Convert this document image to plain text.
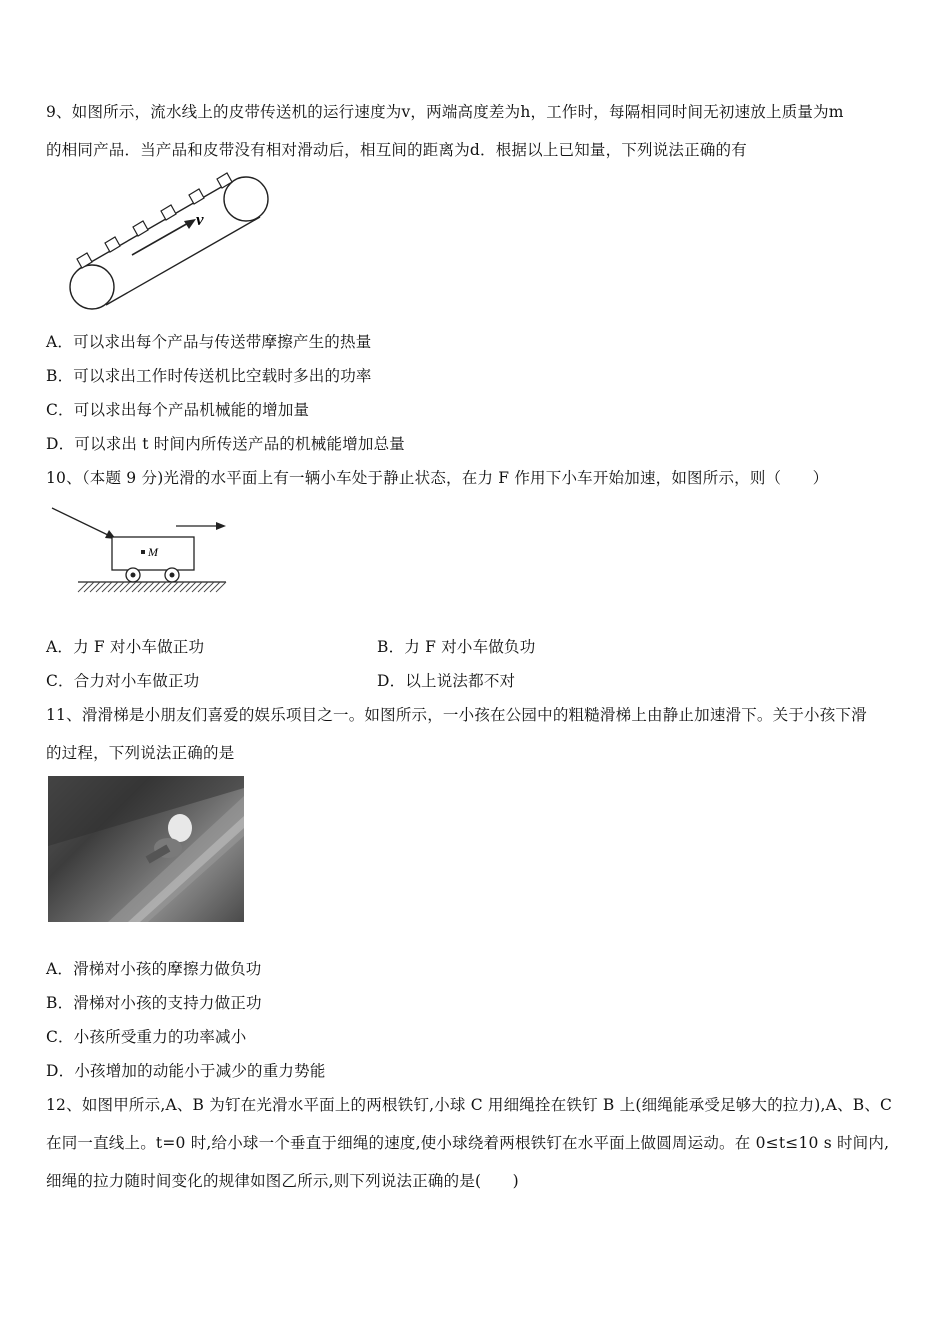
9、如图所示，流水线上的皮带传送机的运行速度为v，两端高度差为h，工作时，每隔相同时间无初速放上质量为m
的相同产品．当产品和皮带没有相对滑动后，相互间的距离为d．根据以上已知量，下列说法正确的有
v
A．可以求出每个产品与传送带摩擦产生的热量
B．可以求出工作时传送机比空载时多出的功率
C．可以求出每个产品机械能的增加量
D．可以求出 t 时间内所传送产品的机械能增加总量
10、（本题 9 分)光滑的水平面上有一辆小车处于静止状态，在力 F 作用下小车开始加速，如图所示，则（　　）
M
A．力 F 对小车做正功	B．力 F 对小车做负功
C．合力对小车做正功	D．以上说法都不对
11、滑滑梯是小朋友们喜爱的娱乐项目之一。如图所示，一小孩在公园中的粗糙滑梯上由静止加速滑下。关于小孩下滑
的过程，下列说法正确的是
A．滑梯对小孩的摩擦力做负功
B．滑梯对小孩的支持力做正功
C．小孩所受重力的功率减小
D．小孩增加的动能小于减少的重力势能
12、如图甲所示,A、B 为钉在光滑水平面上的两根铁钉,小球 C 用细绳拴在铁钉 B 上(细绳能承受足够大的拉力),A、B、C
在同一直线上。t=0 时,给小球一个垂直于细绳的速度,使小球绕着两根铁钉在水平面上做圆周运动。在 0≤t≤10 s 时间内,
细绳的拉力随时间变化的规律如图乙所示,则下列说法正确的是(　　)
